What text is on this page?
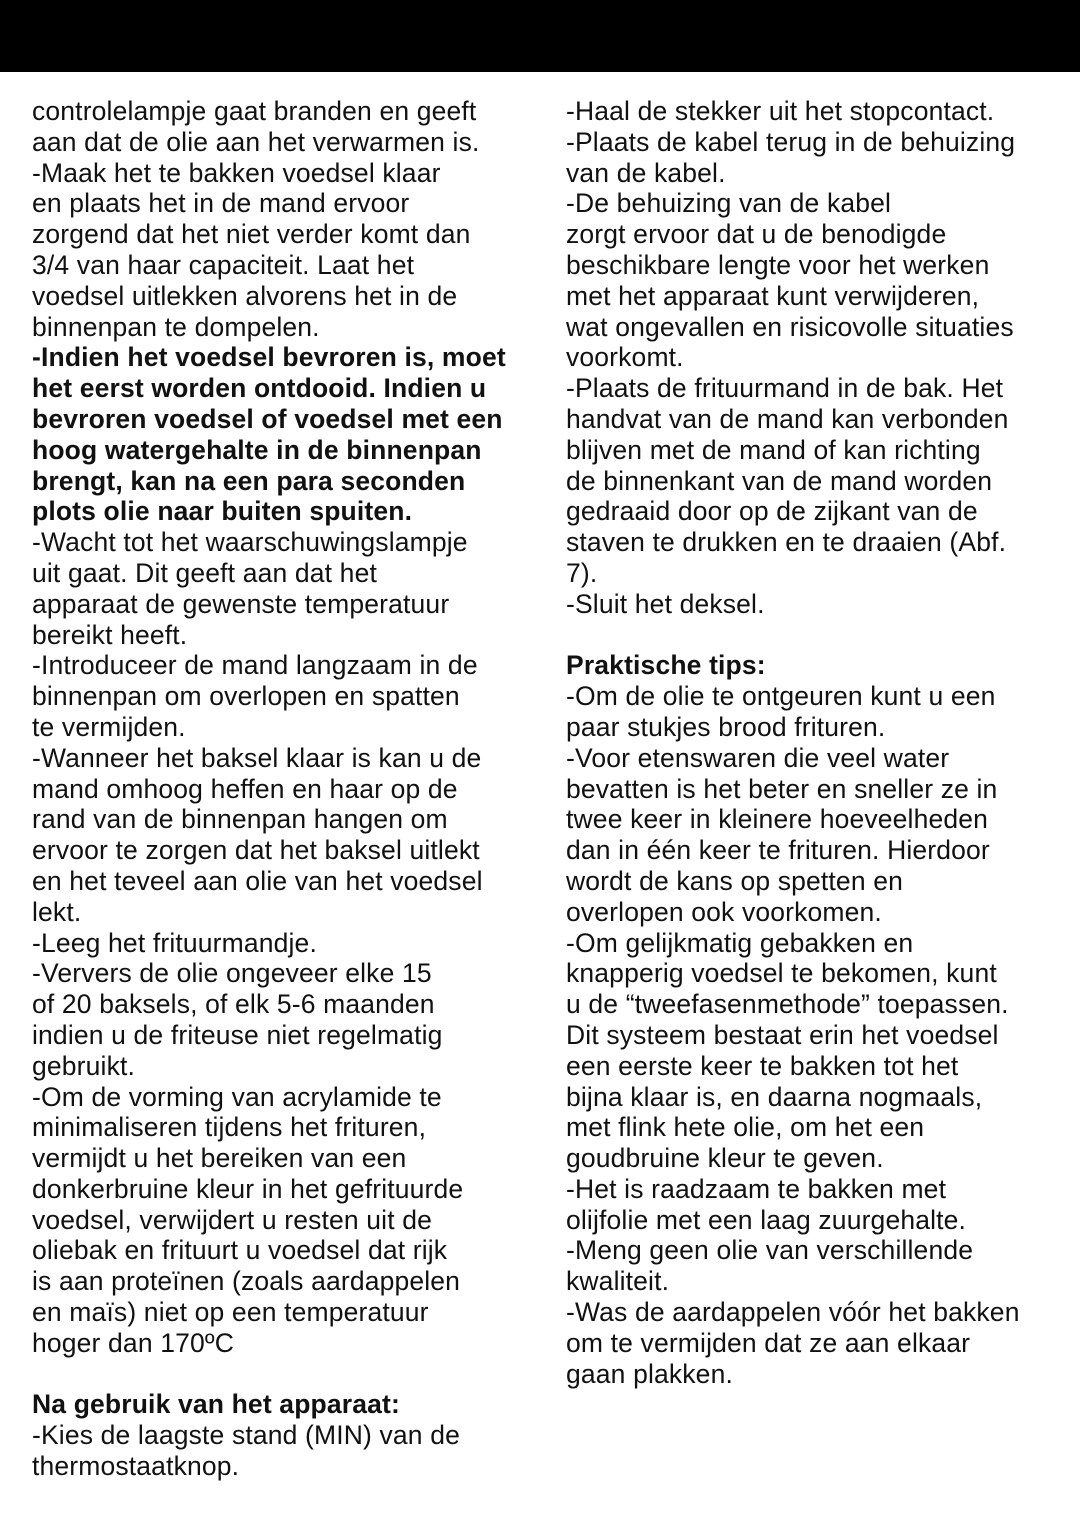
controlelampje gaat branden en geeft
aan dat de olie aan het verwarmen is.
-Maak het te bakken voedsel klaar
en plaats het in de mand ervoor
zorgend dat het niet verder komt dan
3/4 van haar capaciteit. Laat het
voedsel uitlekken alvorens het in de
binnenpan te dompelen.
-Indien het voedsel bevroren is, moet
het eerst worden ontdooid. Indien u
bevroren voedsel of voedsel met een
hoog watergehalte in de binnenpan
brengt, kan na een para seconden
plots olie naar buiten spuiten.
-Wacht tot het waarschuwingslampje
uit gaat. Dit geeft aan dat het
apparaat de gewenste temperatuur
bereikt heeft.
-Introduceer de mand langzaam in de
binnenpan om overlopen en spatten
te vermijden.
-Wanneer het baksel klaar is kan u de
mand omhoog heffen en haar op de
rand van de binnenpan hangen om
ervoor te zorgen dat het baksel uitlekt
en het teveel aan olie van het voedsel
lekt.
-Leeg het frituurmandje.
-Ververs de olie ongeveer elke 15
of 20 baksels, of elk 5-6 maanden
indien u de friteuse niet regelmatig
gebruikt.
-Om de vorming van acrylamide te
minimaliseren tijdens het frituren,
vermijdt u het bereiken van een
donkerbruine kleur in het gefrituurde
voedsel, verwijdert u resten uit de
oliebak en frituurt u voedsel dat rijk
is aan proteïnen (zoals aardappelen
en maïs) niet op een temperatuur
hoger dan 170ºC
Na gebruik van het apparaat:
-Kies de laagste stand (MIN) van de
thermostaatknop.
-Haal de stekker uit het stopcontact.
-Plaats de kabel terug in de behuizing
van de kabel.
-De behuizing van de kabel
zorgt ervoor dat u de benodigde
beschikbare lengte voor het werken
met het apparaat kunt verwijderen,
wat ongevallen en risicovolle situaties
voorkomt.
-Plaats de frituurmand in de bak. Het
handvat van de mand kan verbonden
blijven met de mand of kan richting
de binnenkant van de mand worden
gedraaid door op de zijkant van de
staven te drukken en te draaien (Abf.
7).
-Sluit het deksel.
Praktische tips:
-Om de olie te ontgeuren kunt u een
paar stukjes brood frituren.
-Voor etenswaren die veel water
bevatten is het beter en sneller ze in
twee keer in kleinere hoeveelheden
dan in één keer te frituren. Hierdoor
wordt de kans op spetten en
overlopen ook voorkomen.
-Om gelijkmatig gebakken en
knapperig voedsel te bekomen, kunt
u de “tweefasenmethode” toepassen.
Dit systeem bestaat erin het voedsel
een eerste keer te bakken tot het
bijna klaar is, en daarna nogmaals,
met flink hete olie, om het een
goudbruine kleur te geven.
-Het is raadzaam te bakken met
olijfolie met een laag zuurgehalte.
-Meng geen olie van verschillende
kwaliteit.
-Was de aardappelen vóór het bakken
om te vermijden dat ze aan elkaar
gaan plakken.
